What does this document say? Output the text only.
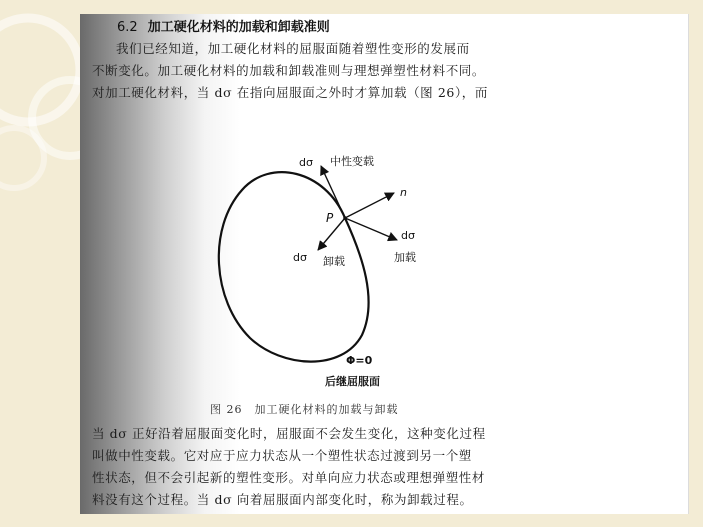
6.2 加工硬化材料的加载和卸载准则

我们已经知道，加工硬化材料的屈服面随着塑性变形的发展而
不断变化。加工硬化材料的加载和卸载准则与理想弹塑性材料不同。
对加工硬化材料，当 dσ 在指向屈服面之外时才算加载（图 26），而

dσ 中性变载
n
P
dσ
加载
dσ 卸载
Φ=0
后继屈服面
图 26　加工硬化材料的加载与卸载

当 dσ 正好沿着屈服面变化时，屈服面不会发生变化，这种变化过程
叫做中性变载。它对应于应力状态从一个塑性状态过渡到另一个塑
性状态，但不会引起新的塑性变形。对单向应力状态或理想弹塑性材
料没有这个过程。当 dσ 向着屈服面内部变化时，称为卸载过程。
